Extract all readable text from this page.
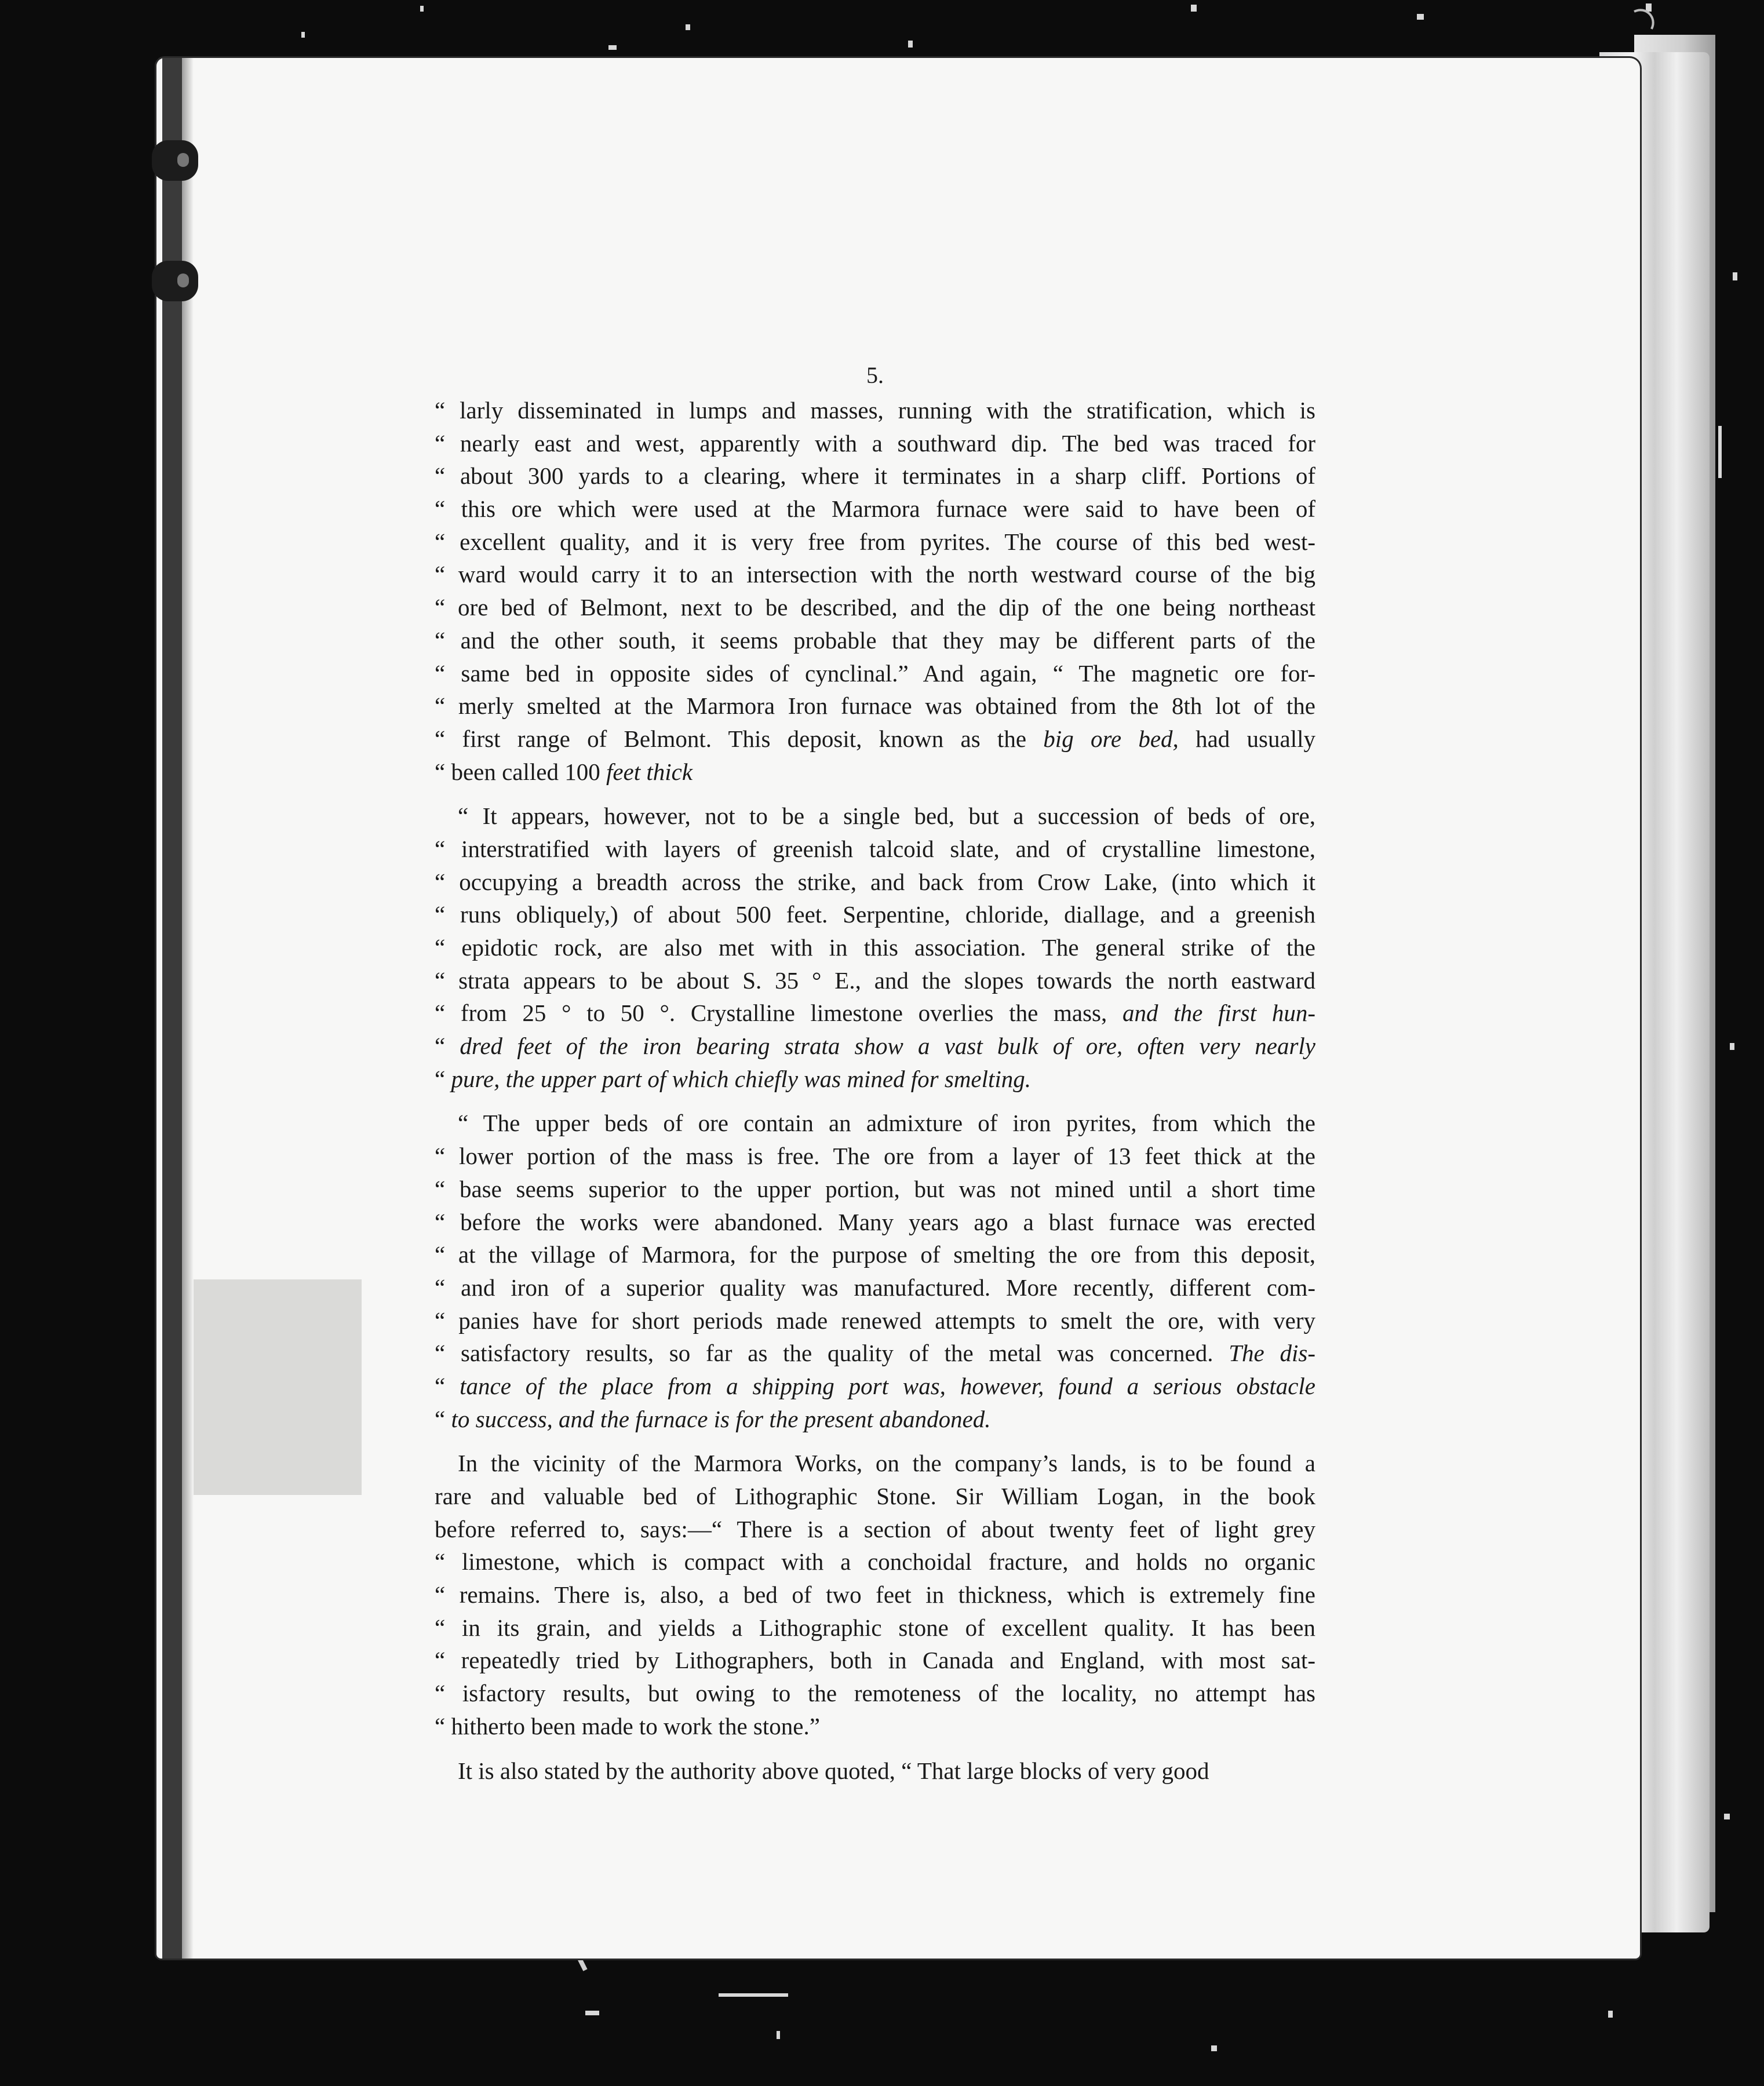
5.
“ larly disseminated in lumps and masses, running with the stratification, which is
“ nearly east and west, apparently with a southward dip. The bed was traced for
“ about 300 yards to a clearing, where it terminates in a sharp cliff. Portions of
“ this ore which were used at the Marmora furnace were said to have been of
“ excellent quality, and it is very free from pyrites. The course of this bed west-
“ ward would carry it to an intersection with the north westward course of the big
“ ore bed of Belmont, next to be described, and the dip of the one being northeast
“ and the other south, it seems probable that they may be different parts of the
“ same bed in opposite sides of cynclinal.” And again, “ The magnetic ore for-
“ merly smelted at the Marmora Iron furnace was obtained from the 8th lot of the
“ first range of Belmont. This deposit, known as the big ore bed, had usually
“ been called 100 feet thick
“ It appears, however, not to be a single bed, but a succession of beds of ore,
“ interstratified with layers of greenish talcoid slate, and of crystalline limestone,
“ occupying a breadth across the strike, and back from Crow Lake, (into which it
“ runs obliquely,) of about 500 feet. Serpentine, chloride, diallage, and a greenish
“ epidotic rock, are also met with in this association. The general strike of the
“ strata appears to be about S. 35 ° E., and the slopes towards the north eastward
“ from 25 ° to 50 °. Crystalline limestone overlies the mass, and the first hun-
“ dred feet of the iron bearing strata show a vast bulk of ore, often very nearly
“ pure, the upper part of which chiefly was mined for smelting.
“ The upper beds of ore contain an admixture of iron pyrites, from which the
“ lower portion of the mass is free. The ore from a layer of 13 feet thick at the
“ base seems superior to the upper portion, but was not mined until a short time
“ before the works were abandoned. Many years ago a blast furnace was erected
“ at the village of Marmora, for the purpose of smelting the ore from this deposit,
“ and iron of a superior quality was manufactured. More recently, different com-
“ panies have for short periods made renewed attempts to smelt the ore, with very
“ satisfactory results, so far as the quality of the metal was concerned. The dis-
“ tance of the place from a shipping port was, however, found a serious obstacle
“ to success, and the furnace is for the present abandoned.
In the vicinity of the Marmora Works, on the company’s lands, is to be found a
rare and valuable bed of Lithographic Stone. Sir William Logan, in the book
before referred to, says:—“ There is a section of about twenty feet of light grey
“ limestone, which is compact with a conchoidal fracture, and holds no organic
“ remains. There is, also, a bed of two feet in thickness, which is extremely fine
“ in its grain, and yields a Lithographic stone of excellent quality. It has been
“ repeatedly tried by Lithographers, both in Canada and England, with most sat-
“ isfactory results, but owing to the remoteness of the locality, no attempt has
“ hitherto been made to work the stone.”
It is also stated by the authority above quoted, “ That large blocks of very good
